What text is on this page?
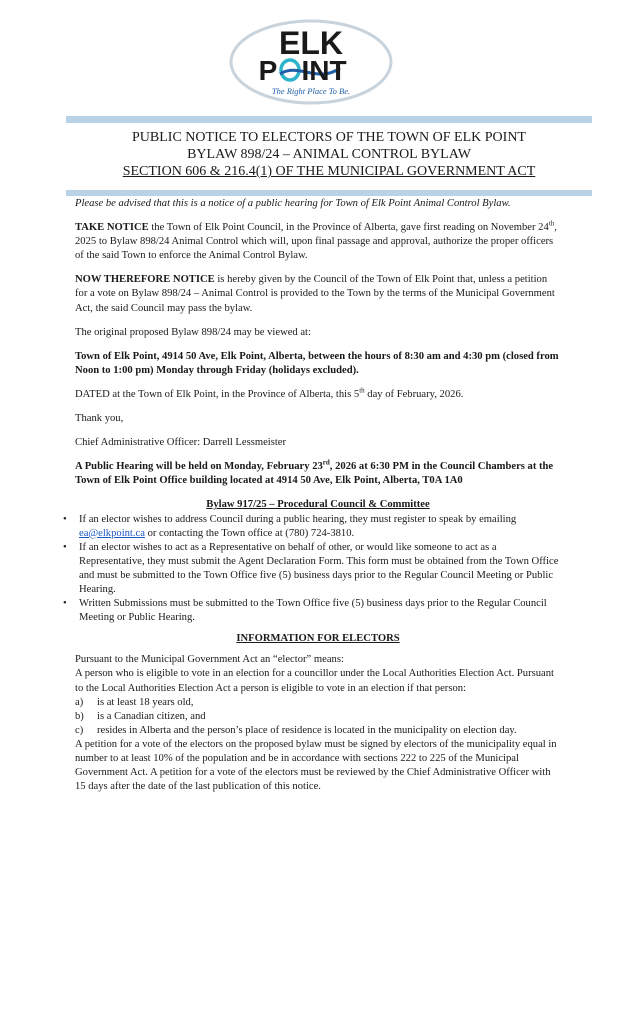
ELK
P INT
The Right Place To Be.
PUBLIC NOTICE TO ELECTORS OF THE TOWN OF ELK POINT
BYLAW 898/24 – ANIMAL CONTROL BYLAW
SECTION 606 & 216.4(1) OF THE MUNICIPAL GOVERNMENT ACT

Please be advised that this is a notice of a public hearing for Town of Elk Point Animal Control Bylaw.

TAKE NOTICE the Town of Elk Point Council, in the Province of Alberta, gave first reading on November 24th, 2025 to Bylaw 898/24 Animal Control which will, upon final passage and approval, authorize the proper officers of the said Town to enforce the Animal Control Bylaw.

NOW THEREFORE NOTICE is hereby given by the Council of the Town of Elk Point that, unless a petition for a vote on Bylaw 898/24 – Animal Control is provided to the Town by the terms of the Municipal Government Act, the said Council may pass the bylaw.

The original proposed Bylaw 898/24 may be viewed at:

Town of Elk Point, 4914 50 Ave, Elk Point, Alberta, between the hours of 8:30 am and 4:30 pm (closed from Noon to 1:00 pm) Monday through Friday (holidays excluded).

DATED at the Town of Elk Point, in the Province of Alberta, this 5th day of February, 2026.

Thank you,

Chief Administrative Officer: Darrell Lessmeister

A Public Hearing will be held on Monday, February 23rd, 2026 at 6:30 PM in the Council Chambers at the Town of Elk Point Office building located at 4914 50 Ave, Elk Point, Alberta, T0A 1A0

Bylaw 917/25 – Procedural Council & Committee

• If an elector wishes to address Council during a public hearing, they must register to speak by emailing ea@elkpoint.ca or contacting the Town office at (780) 724-3810.
• If an elector wishes to act as a Representative on behalf of other, or would like someone to act as a Representative, they must submit the Agent Declaration Form. This form must be obtained from the Town Office and must be submitted to the Town Office five (5) business days prior to the Regular Council Meeting or Public Hearing.
• Written Submissions must be submitted to the Town Office five (5) business days prior to the Regular Council Meeting or Public Hearing.

INFORMATION FOR ELECTORS

Pursuant to the Municipal Government Act an “elector” means:

A person who is eligible to vote in an election for a councillor under the Local Authorities Election Act. Pursuant to the Local Authorities Election Act a person is eligible to vote in an election if that person:

a) is at least 18 years old,
b) is a Canadian citizen, and
c) resides in Alberta and the person’s place of residence is located in the municipality on election day.

A petition for a vote of the electors on the proposed bylaw must be signed by electors of the municipality equal in number to at least 10% of the population and be in accordance with sections 222 to 225 of the Municipal Government Act. A petition for a vote of the electors must be reviewed by the Chief Administrative Officer with 15 days after the date of the last publication of this notice.
